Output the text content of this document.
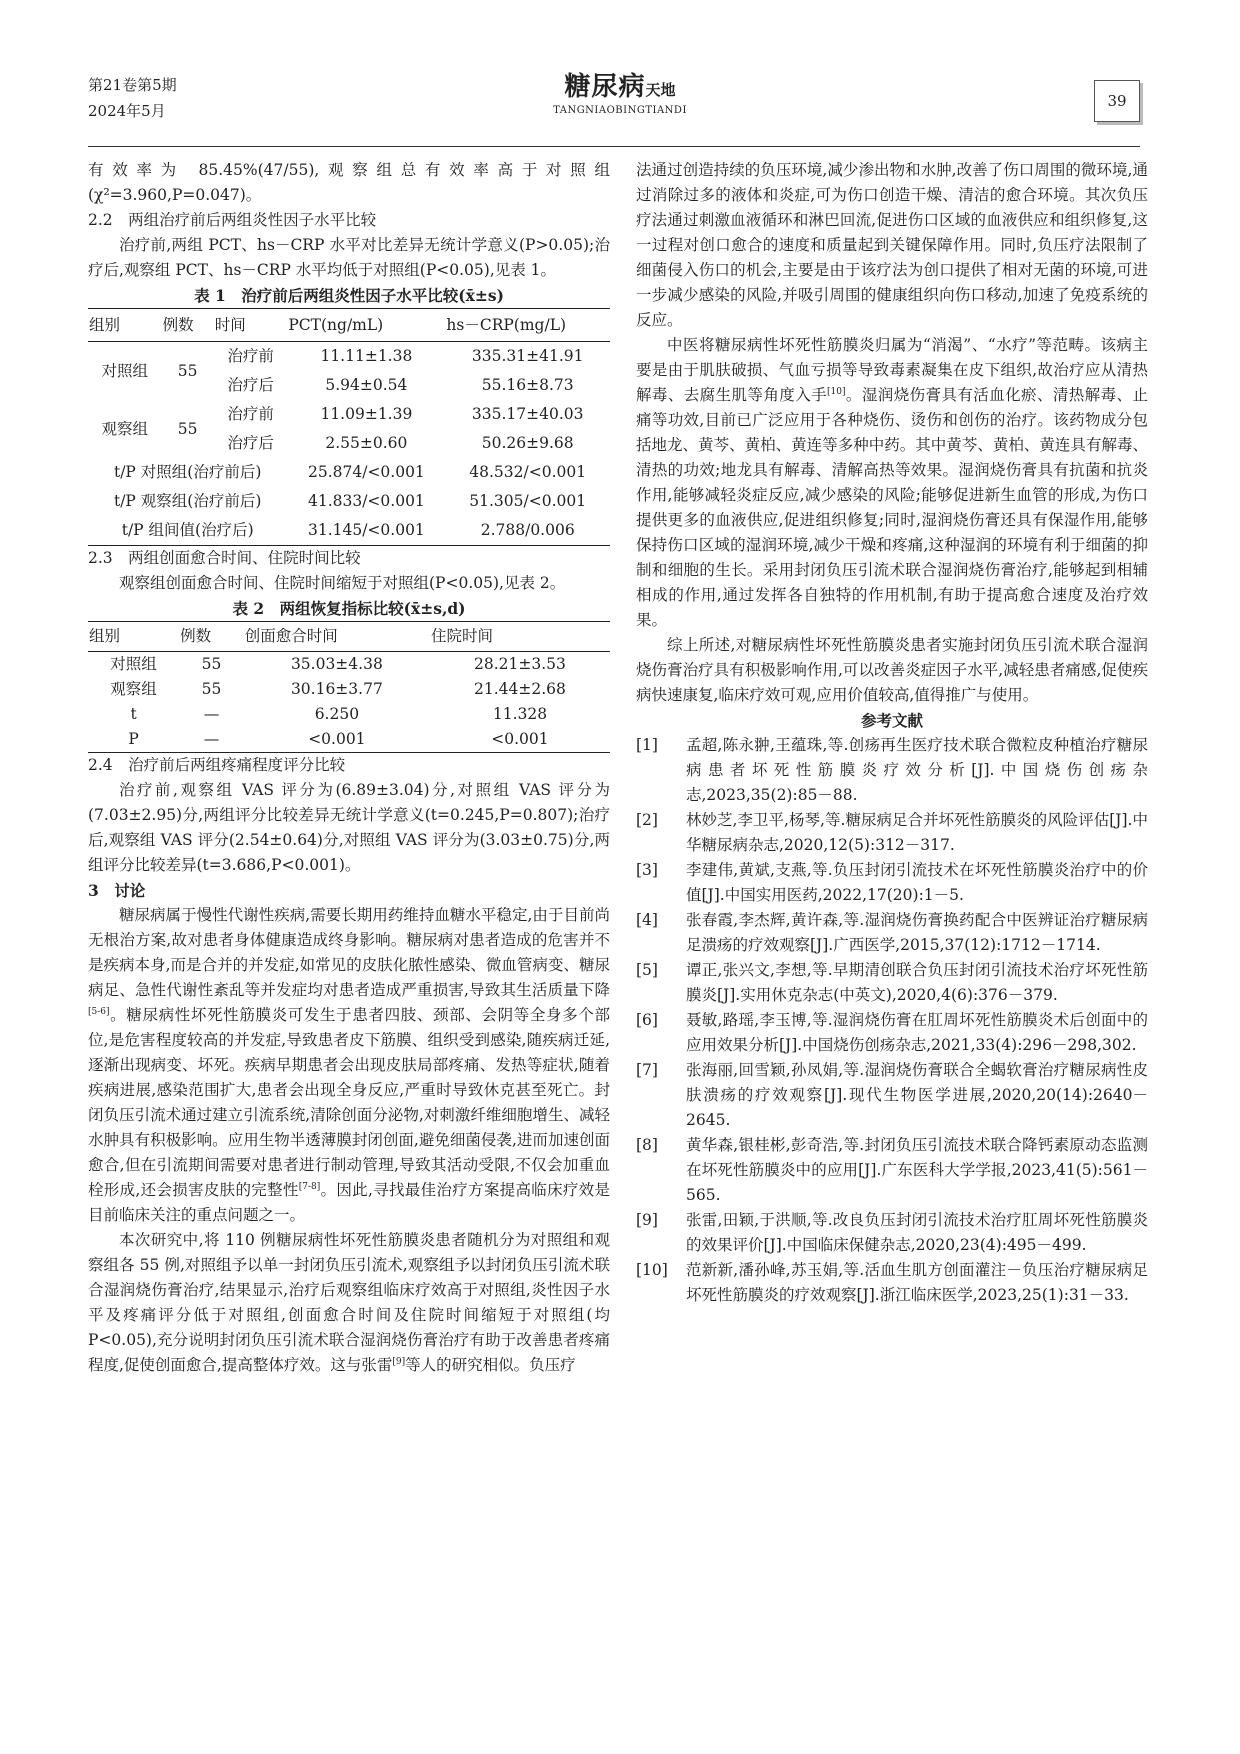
第21卷第5期
2024年5月
糖尿病天地
TANGNIAOBINGTIANDI
39

有效率为 85.45%(47/55),观察组总有效率高于对照组(χ²=3.960,P=0.047)。

2.2　两组治疗前后两组炎性因子水平比较

治疗前,两组 PCT、hs－CRP 水平对比差异无统计学意义(P>0.05);治疗后,观察组 PCT、hs－CRP 水平均低于对照组(P<0.05),见表 1。

表 1　治疗前后两组炎性因子水平比较(x̄±s)

组别	例数	时间	PCT(ng/mL)	hs－CRP(mg/L)
对照组	55	治疗前	11.11±1.38	335.31±41.91
		治疗后	5.94±0.54	55.16±8.73
观察组	55	治疗前	11.09±1.39	335.17±40.03
		治疗后	2.55±0.60	50.26±9.68
t/P 对照组(治疗前后)			25.874/<0.001	48.532/<0.001
t/P 观察组(治疗前后)			41.833/<0.001	51.305/<0.001
t/P 组间值(治疗后)			31.145/<0.001	2.788/0.006

2.3　两组创面愈合时间、住院时间比较

观察组创面愈合时间、住院时间缩短于对照组(P<0.05),见表 2。

表 2　两组恢复指标比较(x̄±s,d)

组别	例数	创面愈合时间	住院时间
对照组	55	35.03±4.38	28.21±3.53
观察组	55	30.16±3.77	21.44±2.68
t	—	6.250	11.328
P	—	<0.001	<0.001

2.4　治疗前后两组疼痛程度评分比较

治疗前,观察组 VAS 评分为(6.89±3.04)分,对照组 VAS 评分为(7.03±2.95)分,两组评分比较差异无统计学意义(t=0.245,P=0.807);治疗后,观察组 VAS 评分(2.54±0.64)分,对照组 VAS 评分为(3.03±0.75)分,两组评分比较差异(t=3.686,P<0.001)。

3　讨论

糖尿病属于慢性代谢性疾病,需要长期用药维持血糖水平稳定,由于目前尚无根治方案,故对患者身体健康造成终身影响。糖尿病对患者造成的危害并不是疾病本身,而是合并的并发症,如常见的皮肤化脓性感染、微血管病变、糖尿病足、急性代谢性紊乱等并发症均对患者造成严重损害,导致其生活质量下降[5-6]。糖尿病性坏死性筋膜炎可发生于患者四肢、颈部、会阴等全身多个部位,是危害程度较高的并发症,导致患者皮下筋膜、组织受到感染,随疾病迁延,逐渐出现病变、坏死。疾病早期患者会出现皮肤局部疼痛、发热等症状,随着疾病进展,感染范围扩大,患者会出现全身反应,严重时导致休克甚至死亡。封闭负压引流术通过建立引流系统,清除创面分泌物,对刺激纤维细胞增生、减轻水肿具有积极影响。应用生物半透薄膜封闭创面,避免细菌侵袭,进而加速创面愈合,但在引流期间需要对患者进行制动管理,导致其活动受限,不仅会加重血栓形成,还会损害皮肤的完整性[7-8]。因此,寻找最佳治疗方案提高临床疗效是目前临床关注的重点问题之一。

本次研究中,将 110 例糖尿病性坏死性筋膜炎患者随机分为对照组和观察组各 55 例,对照组予以单一封闭负压引流术,观察组予以封闭负压引流术联合湿润烧伤膏治疗,结果显示,治疗后观察组临床疗效高于对照组,炎性因子水平及疼痛评分低于对照组,创面愈合时间及住院时间缩短于对照组(均 P<0.05),充分说明封闭负压引流术联合湿润烧伤膏治疗有助于改善患者疼痛程度,促使创面愈合,提高整体疗效。这与张雷[9]等人的研究相似。负压疗

法通过创造持续的负压环境,减少渗出物和水肿,改善了伤口周围的微环境,通过消除过多的液体和炎症,可为伤口创造干燥、清洁的愈合环境。其次负压疗法通过刺激血液循环和淋巴回流,促进伤口区域的血液供应和组织修复,这一过程对创口愈合的速度和质量起到关键保障作用。同时,负压疗法限制了细菌侵入伤口的机会,主要是由于该疗法为创口提供了相对无菌的环境,可进一步减少感染的风险,并吸引周围的健康组织向伤口移动,加速了免疫系统的反应。

中医将糖尿病性坏死性筋膜炎归属为“消渴”、“水疗”等范畴。该病主要是由于肌肤破损、气血亏损等导致毒素凝集在皮下组织,故治疗应从清热解毒、去腐生肌等角度入手[10]。湿润烧伤膏具有活血化瘀、清热解毒、止痛等功效,目前已广泛应用于各种烧伤、烫伤和创伤的治疗。该药物成分包括地龙、黄芩、黄柏、黄连等多种中药。其中黄芩、黄柏、黄连具有解毒、清热的功效;地龙具有解毒、清解高热等效果。湿润烧伤膏具有抗菌和抗炎作用,能够减轻炎症反应,减少感染的风险;能够促进新生血管的形成,为伤口提供更多的血液供应,促进组织修复;同时,湿润烧伤膏还具有保湿作用,能够保持伤口区域的湿润环境,减少干燥和疼痛,这种湿润的环境有利于细菌的抑制和细胞的生长。采用封闭负压引流术联合湿润烧伤膏治疗,能够起到相辅相成的作用,通过发挥各自独特的作用机制,有助于提高愈合速度及治疗效果。

综上所述,对糖尿病性坏死性筋膜炎患者实施封闭负压引流术联合湿润烧伤膏治疗具有积极影响作用,可以改善炎症因子水平,减轻患者痛感,促使疾病快速康复,临床疗效可观,应用价值较高,值得推广与使用。

参考文献

[1]	孟超,陈永翀,王蕴珠,等.创疡再生医疗技术联合微粒皮种植治疗糖尿病患者坏死性筋膜炎疗效分析[J].中国烧伤创疡杂志,2023,35(2):85－88.
[2]	林妙芝,李卫平,杨琴,等.糖尿病足合并坏死性筋膜炎的风险评估[J].中华糖尿病杂志,2020,12(5):312－317.
[3]	李建伟,黄斌,支燕,等.负压封闭引流技术在坏死性筋膜炎治疗中的价值[J].中国实用医药,2022,17(20):1－5.
[4]	张春霞,李杰辉,黄许森,等.湿润烧伤膏换药配合中医辨证治疗糖尿病足溃疡的疗效观察[J].广西医学,2015,37(12):1712－1714.
[5]	谭正,张兴文,李想,等.早期清创联合负压封闭引流技术治疗坏死性筋膜炎[J].实用休克杂志(中英文),2020,4(6):376－379.
[6]	聂敏,路瑶,李玉博,等.湿润烧伤膏在肛周坏死性筋膜炎术后创面中的应用效果分析[J].中国烧伤创疡杂志,2021,33(4):296－298,302.
[7]	张海丽,回雪颖,孙凤娟,等.湿润烧伤膏联合全蝎软膏治疗糖尿病性皮肤溃疡的疗效观察[J].现代生物医学进展,2020,20(14):2640－2645.
[8]	黄华森,银桂彬,彭奇浩,等.封闭负压引流技术联合降钙素原动态监测在坏死性筋膜炎中的应用[J].广东医科大学学报,2023,41(5):561－565.
[9]	张雷,田颖,于洪顺,等.改良负压封闭引流技术治疗肛周坏死性筋膜炎的效果评价[J].中国临床保健杂志,2020,23(4):495－499.
[10]	范新新,潘孙峰,苏玉娟,等.活血生肌方创面灌注－负压治疗糖尿病足坏死性筋膜炎的疗效观察[J].浙江临床医学,2023,25(1):31－33.
